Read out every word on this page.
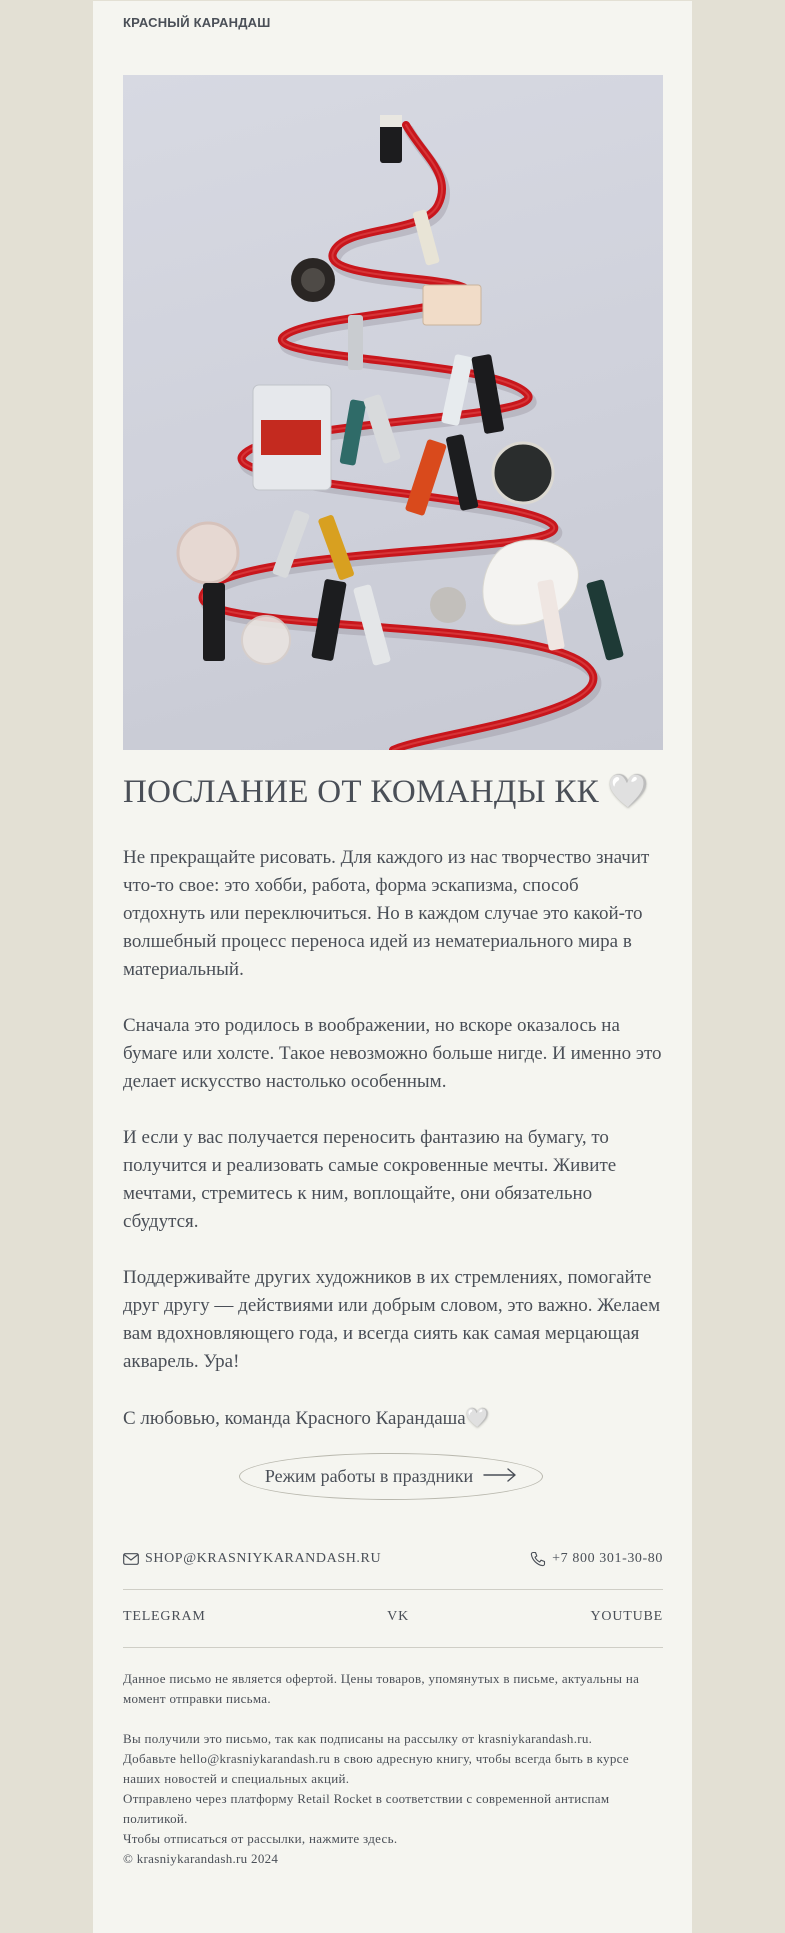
КРАСНЫЙ КАРАНДАШ
ПОСЛАНИЕ ОТ КОМАНДЫ КК 🤍

Не прекращайте рисовать. Для каждого из нас творчество значит что-то свое: это хобби, работа, форма эскапизма, способ отдохнуть или переключиться. Но в каждом случае это какой-то волшебный процесс переноса идей из нематериального мира в материальный.

Сначала это родилось в воображении, но вскоре оказалось на бумаге или холсте. Такое невозможно больше нигде. И именно это делает искусство настолько особенным.

И если у вас получается переносить фантазию на бумагу, то получится и реализовать самые сокровенные мечты. Живите мечтами, стремитесь к ним, воплощайте, они обязательно сбудутся.

Поддерживайте других художников в их стремлениях, помогайте друг другу — действиями или добрым словом, это важно. Желаем вам вдохновляющего года, и всегда сиять как самая мерцающая акварель. Ура!

С любовью, команда Красного Карандаша🤍

Режим работы в праздники
SHOP@KRASNIYKARANDASH.RU	+7 800 301-30-80
TELEGRAM	VK	YOUTUBE

Данное письмо не является офертой. Цены товаров, упомянутых в письме, актуальны на момент отправки письма.

Вы получили это письмо, так как подписаны на рассылку от krasniykarandash.ru.
Добавьте hello@krasniykarandash.ru в свою адресную книгу, чтобы всегда быть в курсе наших новостей и специальных акций.
Отправлено через платформу Retail Rocket в соответствии с современной антиспам политикой.
Чтобы отписаться от рассылки, нажмите здесь.
© krasniykarandash.ru 2024
